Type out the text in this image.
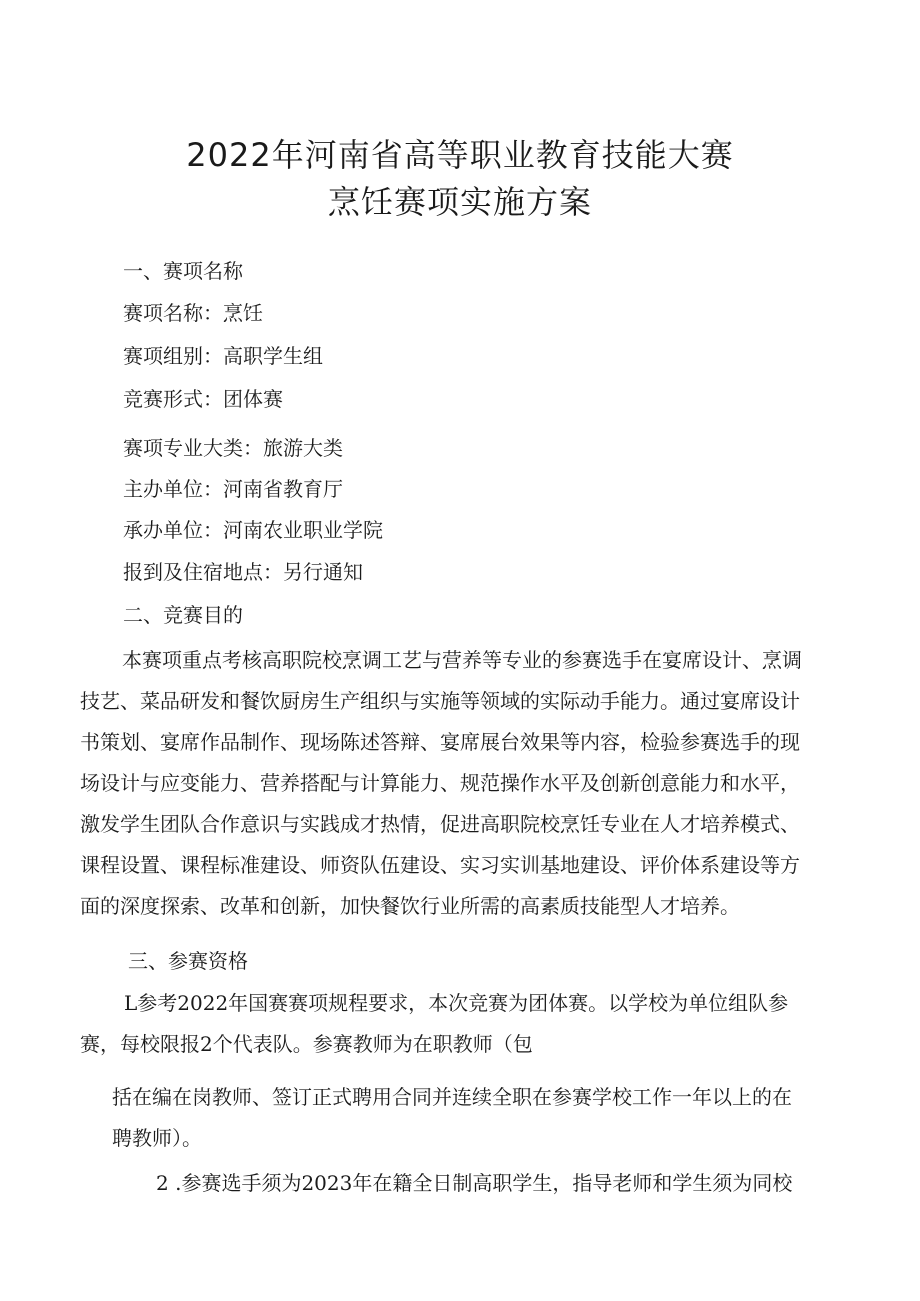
2022年河南省高等职业教育技能大赛
烹饪赛项实施方案
一、赛项名称
赛项名称：烹饪
赛项组别：高职学生组
竞赛形式：团体赛
赛项专业大类：旅游大类
主办单位：河南省教育厅
承办单位：河南农业职业学院
报到及住宿地点：另行通知
二、竞赛目的

本赛项重点考核高职院校烹调工艺与营养等专业的参赛选手在宴席设计、烹调

技艺、菜品研发和餐饮厨房生产组织与实施等领域的实际动手能力。通过宴席设计

书策划、宴席作品制作、现场陈述答辩、宴席展台效果等内容，检验参赛选手的现

场设计与应变能力、营养搭配与计算能力、规范操作水平及创新创意能力和水平，

激发学生团队合作意识与实践成才热情，促进高职院校烹饪专业在人才培养模式、

课程设置、课程标准建设、师资队伍建设、实习实训基地建设、评价体系建设等方

面的深度探索、改革和创新，加快餐饮行业所需的高素质技能型人才培养。

三、参赛资格
L参考2022年国赛赛项规程要求，本次竞赛为团体赛。以学校为单位组队参
赛，每校限报2个代表队。参赛教师为在职教师（包
括在编在岗教师、签订正式聘用合同并连续全职在参赛学校工作一年以上的在
聘教师）。
2 .参赛选手须为2023年在籍全日制高职学生，指导老师和学生须为同校
